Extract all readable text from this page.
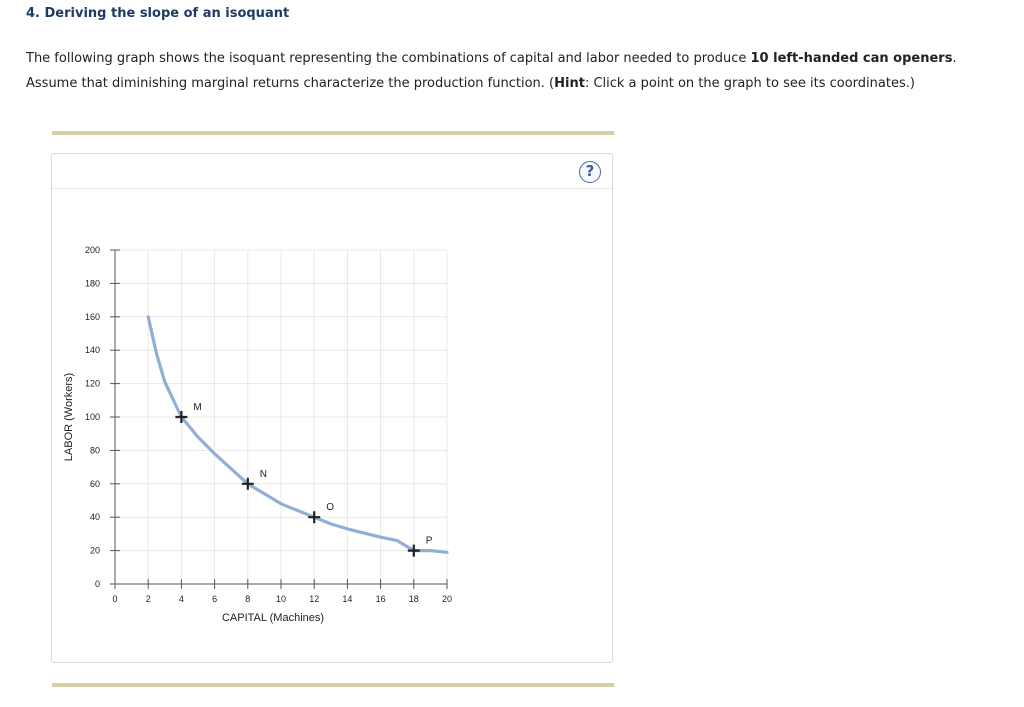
4. Deriving the slope of an isoquant
The following graph shows the isoquant representing the combinations of capital and labor needed to produce 10 left-handed can openers. Assume that diminishing marginal returns characterize the production function. (Hint: Click a point on the graph to see its coordinates.)
?
0	2	4	6	8	10	12	14	16	18	20
0
20
40
60
80
100
120
140
160
180
200
CAPITAL (Machines)
LABOR (Workers)	M
N
O
P
